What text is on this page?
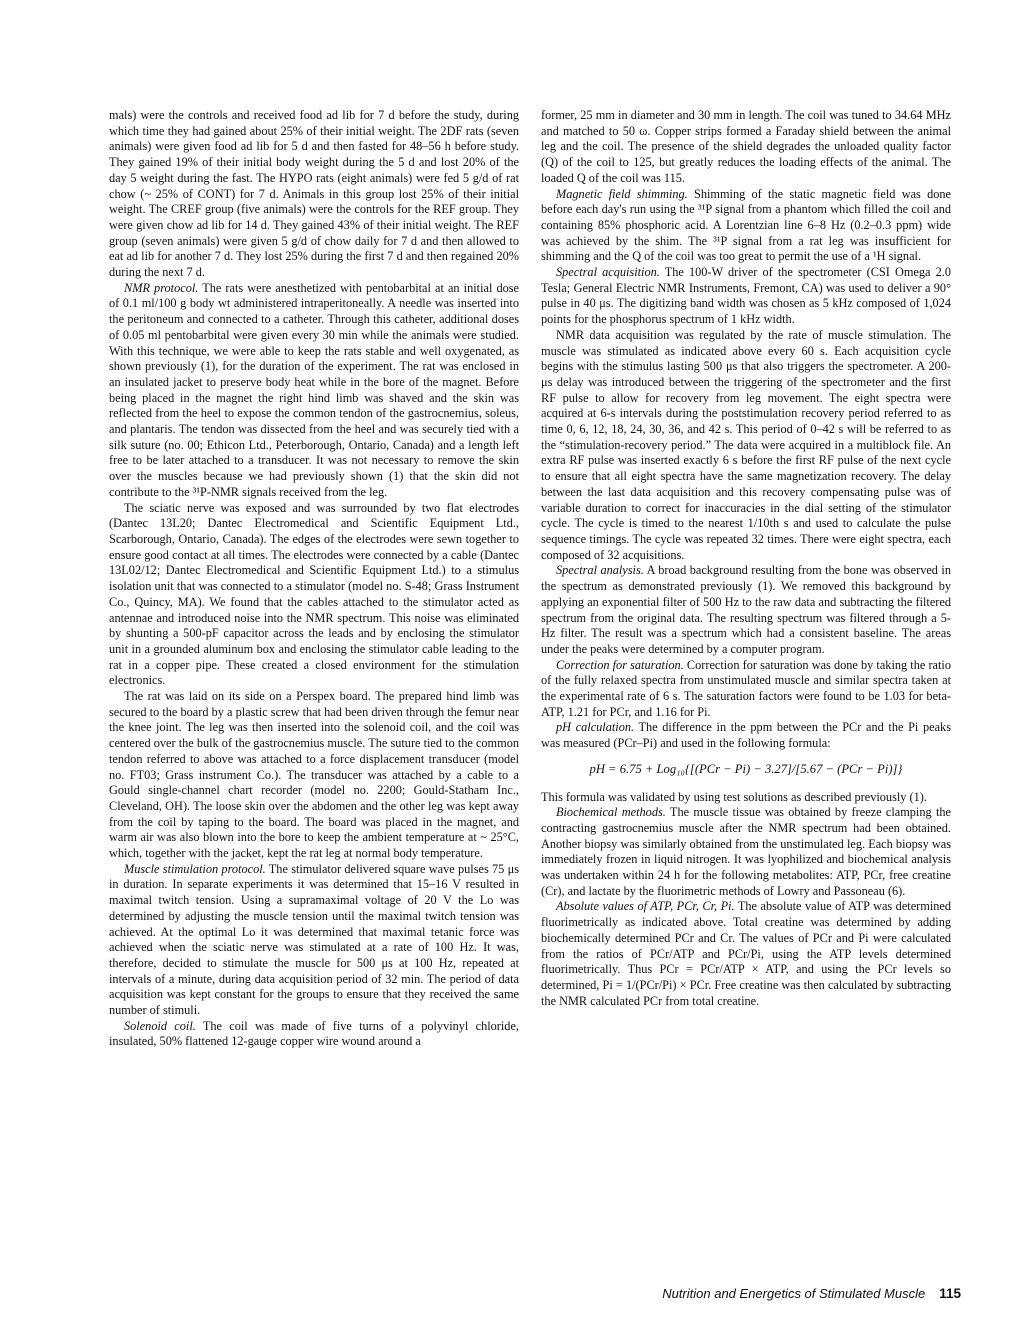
mals) were the controls and received food ad lib for 7 d before the study, during which time they had gained about 25% of their initial weight. The 2DF rats (seven animals) were given food ad lib for 5 d and then fasted for 48–56 h before study. They gained 19% of their initial body weight during the 5 d and lost 20% of the day 5 weight during the fast. The HYPO rats (eight animals) were fed 5 g/d of rat chow (~ 25% of CONT) for 7 d. Animals in this group lost 25% of their initial weight. The CREF group (five animals) were the controls for the REF group. They were given chow ad lib for 14 d. They gained 43% of their initial weight. The REF group (seven animals) were given 5 g/d of chow daily for 7 d and then allowed to eat ad lib for another 7 d. They lost 25% during the first 7 d and then regained 20% during the next 7 d.

NMR protocol. The rats were anesthetized with pentobarbital at an initial dose of 0.1 ml/100 g body wt administered intraperitoneally. A needle was inserted into the peritoneum and connected to a catheter. Through this catheter, additional doses of 0.05 ml pentobarbital were given every 30 min while the animals were studied. With this technique, we were able to keep the rats stable and well oxygenated, as shown previously (1), for the duration of the experiment. The rat was enclosed in an insulated jacket to preserve body heat while in the bore of the magnet. Before being placed in the magnet the right hind limb was shaved and the skin was reflected from the heel to expose the common tendon of the gastrocnemius, soleus, and plantaris. The tendon was dissected from the heel and was securely tied with a silk suture (no. 00; Ethicon Ltd., Peterborough, Ontario, Canada) and a length left free to be later attached to a transducer. It was not necessary to remove the skin over the muscles because we had previously shown (1) that the skin did not contribute to the ³¹P-NMR signals received from the leg.

The sciatic nerve was exposed and was surrounded by two flat electrodes (Dantec 13L20; Dantec Electromedical and Scientific Equipment Ltd., Scarborough, Ontario, Canada). The edges of the electrodes were sewn together to ensure good contact at all times. The electrodes were connected by a cable (Dantec 13L02/12; Dantec Electromedical and Scientific Equipment Ltd.) to a stimulus isolation unit that was connected to a stimulator (model no. S-48; Grass Instrument Co., Quincy, MA). We found that the cables attached to the stimulator acted as antennae and introduced noise into the NMR spectrum. This noise was eliminated by shunting a 500-pF capacitor across the leads and by enclosing the stimulator unit in a grounded aluminum box and enclosing the stimulator cable leading to the rat in a copper pipe. These created a closed environment for the stimulation electronics.

The rat was laid on its side on a Perspex board. The prepared hind limb was secured to the board by a plastic screw that had been driven through the femur near the knee joint. The leg was then inserted into the solenoid coil, and the coil was centered over the bulk of the gastrocnemius muscle. The suture tied to the common tendon referred to above was attached to a force displacement transducer (model no. FT03; Grass instrument Co.). The transducer was attached by a cable to a Gould single-channel chart recorder (model no. 2200; Gould-Statham Inc., Cleveland, OH). The loose skin over the abdomen and the other leg was kept away from the coil by taping to the board. The board was placed in the magnet, and warm air was also blown into the bore to keep the ambient temperature at ~ 25°C, which, together with the jacket, kept the rat leg at normal body temperature.

Muscle stimulation protocol. The stimulator delivered square wave pulses 75 μs in duration. In separate experiments it was determined that 15–16 V resulted in maximal twitch tension. Using a supramaximal voltage of 20 V the Lo was determined by adjusting the muscle tension until the maximal twitch tension was achieved. At the optimal Lo it was determined that maximal tetanic force was achieved when the sciatic nerve was stimulated at a rate of 100 Hz. It was, therefore, decided to stimulate the muscle for 500 μs at 100 Hz, repeated at intervals of a minute, during data acquisition period of 32 min. The period of data acquisition was kept constant for the groups to ensure that they received the same number of stimuli.

Solenoid coil. The coil was made of five turns of a polyvinyl chloride, insulated, 50% flattened 12-gauge copper wire wound around a

former, 25 mm in diameter and 30 mm in length. The coil was tuned to 34.64 MHz and matched to 50 ω. Copper strips formed a Faraday shield between the animal leg and the coil. The presence of the shield degrades the unloaded quality factor (Q) of the coil to 125, but greatly reduces the loading effects of the animal. The loaded Q of the coil was 115.

Magnetic field shimming. Shimming of the static magnetic field was done before each day's run using the ³¹P signal from a phantom which filled the coil and containing 85% phosphoric acid. A Lorentzian line 6–8 Hz (0.2–0.3 ppm) wide was achieved by the shim. The ³¹P signal from a rat leg was insufficient for shimming and the Q of the coil was too great to permit the use of a ¹H signal.

Spectral acquisition. The 100-W driver of the spectrometer (CSI Omega 2.0 Tesla; General Electric NMR Instruments, Fremont, CA) was used to deliver a 90° pulse in 40 μs. The digitizing band width was chosen as 5 kHz composed of 1,024 points for the phosphorus spectrum of 1 kHz width.

NMR data acquisition was regulated by the rate of muscle stimulation. The muscle was stimulated as indicated above every 60 s. Each acquisition cycle begins with the stimulus lasting 500 μs that also triggers the spectrometer. A 200-μs delay was introduced between the triggering of the spectrometer and the first RF pulse to allow for recovery from leg movement. The eight spectra were acquired at 6-s intervals during the poststimulation recovery period referred to as time 0, 6, 12, 18, 24, 30, 36, and 42 s. This period of 0–42 s will be referred to as the “stimulation-recovery period.” The data were acquired in a multiblock file. An extra RF pulse was inserted exactly 6 s before the first RF pulse of the next cycle to ensure that all eight spectra have the same magnetization recovery. The delay between the last data acquisition and this recovery compensating pulse was of variable duration to correct for inaccuracies in the dial setting of the stimulator cycle. The cycle is timed to the nearest 1/10th s and used to calculate the pulse sequence timings. The cycle was repeated 32 times. There were eight spectra, each composed of 32 acquisitions.

Spectral analysis. A broad background resulting from the bone was observed in the spectrum as demonstrated previously (1). We removed this background by applying an exponential filter of 500 Hz to the raw data and subtracting the filtered spectrum from the original data. The resulting spectrum was filtered through a 5-Hz filter. The result was a spectrum which had a consistent baseline. The areas under the peaks were determined by a computer program.

Correction for saturation. Correction for saturation was done by taking the ratio of the fully relaxed spectra from unstimulated muscle and similar spectra taken at the experimental rate of 6 s. The saturation factors were found to be 1.03 for beta-ATP, 1.21 for PCr, and 1.16 for Pi.

pH calculation. The difference in the ppm between the PCr and the Pi peaks was measured (PCr–Pi) and used in the following formula:

pH = 6.75 + Log₁₀{[(PCr − Pi) − 3.27]/[5.67 − (PCr − Pi)]}

This formula was validated by using test solutions as described previously (1).

Biochemical methods. The muscle tissue was obtained by freeze clamping the contracting gastrocnemius muscle after the NMR spectrum had been obtained. Another biopsy was similarly obtained from the unstimulated leg. Each biopsy was immediately frozen in liquid nitrogen. It was lyophilized and biochemical analysis was undertaken within 24 h for the following metabolites: ATP, PCr, free creatine (Cr), and lactate by the fluorimetric methods of Lowry and Passoneau (6).

Absolute values of ATP, PCr, Cr, Pi. The absolute value of ATP was determined fluorimetrically as indicated above. Total creatine was determined by adding biochemically determined PCr and Cr. The values of PCr and Pi were calculated from the ratios of PCr/ATP and PCr/Pi, using the ATP levels determined fluorimetrically. Thus PCr = PCr/ATP × ATP, and using the PCr levels so determined, Pi = 1/(PCr/Pi) × PCr. Free creatine was then calculated by subtracting the NMR calculated PCr from total creatine.

Nutrition and Energetics of Stimulated Muscle 115
